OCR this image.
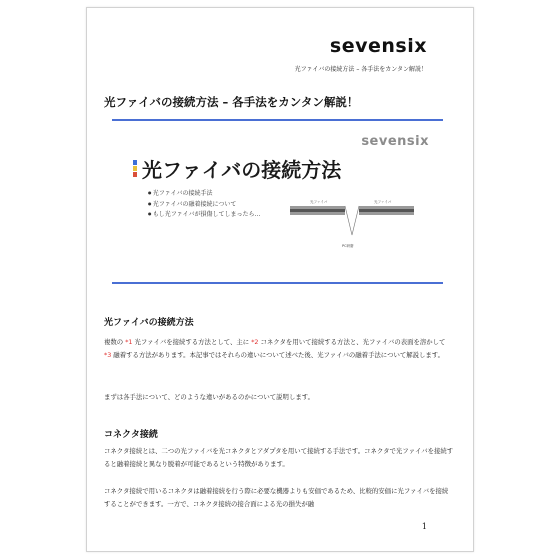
sevensix
光ファイバの接続方法 – 各手法をカンタン解説！
光ファイバの接続方法 – 各手法をカンタン解説！
sevensix
光ファイバの接続方法
● 光ファイバの接続手法
● 光ファイバの融着接続について
● もし光ファイバが損傷してしまったら…
光ファイバ	光ファイバ
PC研磨
光ファイバの接続方法
複数の *1 光ファイバを接続する方法として、主に *2 コネクタを用いて接続する方法と、光ファイバの表面を溶かして *3 融着する方法があります。本記事ではそれらの違いについて述べた後、光ファイバの融着手法について解説します。
まずは各手法について、どのような違いがあるのかについて説明します。
コネクタ接続
コネクタ接続とは、二つの光ファイバを光コネクタとアダプタを用いて接続する手法です。コネクタで光ファイバを接続すると融着接続と異なり脱着が可能であるという特徴があります。
コネクタ接続で用いるコネクタは融着接続を行う際に必要な機器よりも安価であるため、比較的安価に光ファイバを接続することができます。一方で、コネクタ接続の接合面による光の損失が融
1
